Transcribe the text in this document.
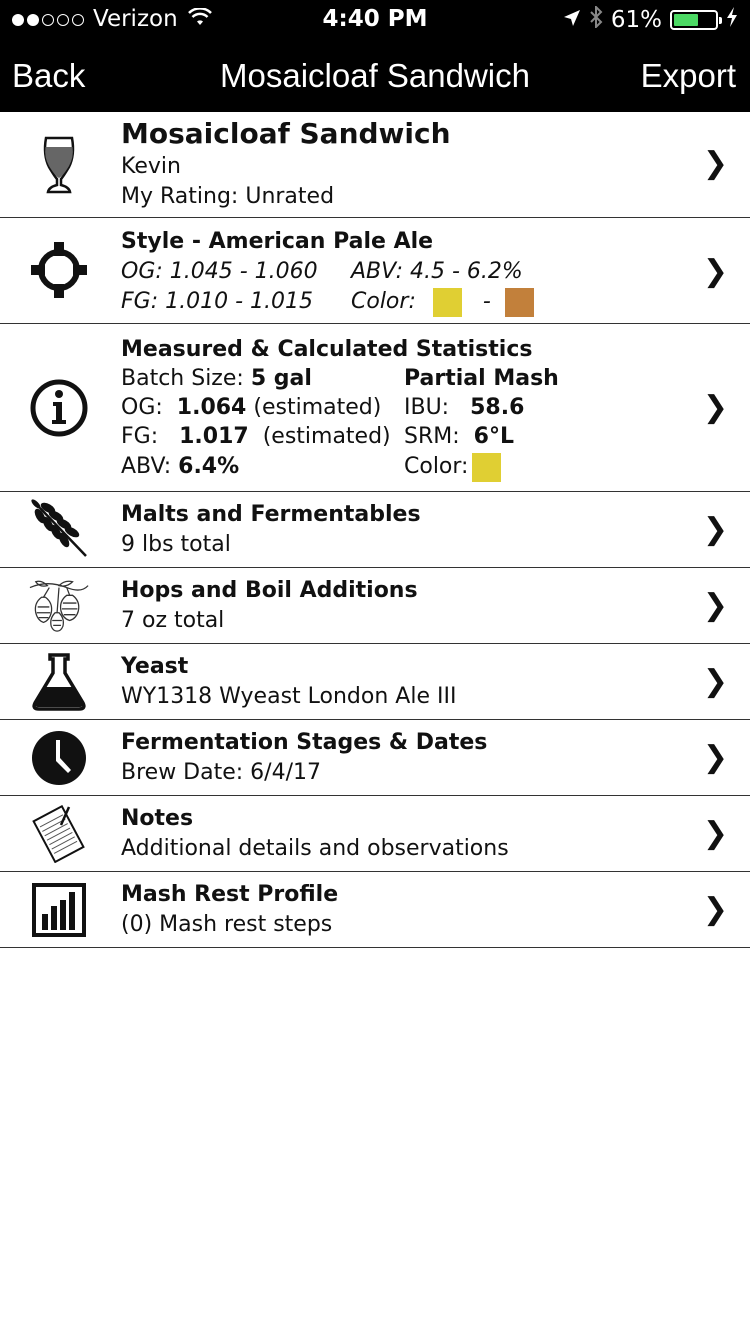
Verizon	4:40 PM	61%
Back	Mosaicloaf Sandwich	Export
Mosaicloaf Sandwich
Kevin
My Rating: Unrated
❯
Style - American Pale Ale
OG: 1.045 - 1.060 ABV: 4.5 - 6.2%
FG: 1.010 - 1.015 Color:	-
❯
Measured & Calculated Statistics
Batch Size: 5 gal	Partial Mash
OG: 1.064 (estimated) IBU: 58.6
FG: 1.017 (estimated) SRM: 6°L
ABV: 6.4%	Color:
❯
Malts and Fermentables
9 lbs total	❯
Hops and Boil Additions
7 oz total	❯
Yeast
WY1318 Wyeast London Ale III	❯
Fermentation Stages & Dates
Brew Date: 6/4/17	❯
Notes
Additional details and observations	❯
Mash Rest Profile
(0) Mash rest steps	❯
